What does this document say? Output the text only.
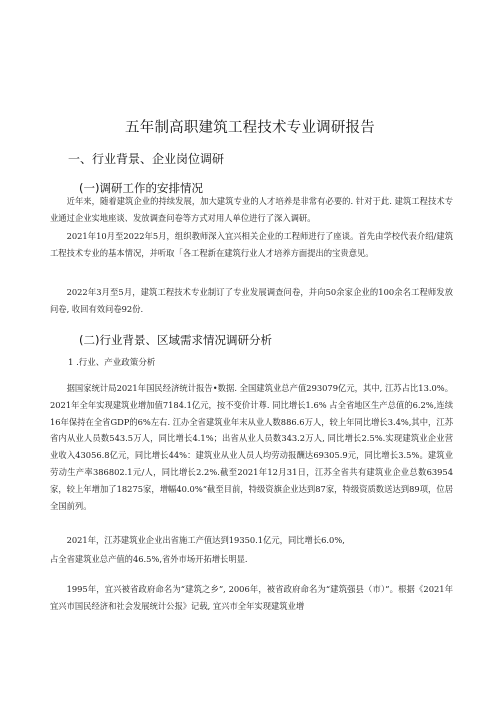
五年制高职建筑工程技术专业调研报告
一、行业背景、企业岗位调研
(一)调研工作的安排情况
近年来，随着建筑企业的持续发展，加大建筑专业的人才培养是非常有必要的. 针对于此. 建筑工程技术专业通过企业实地座谈、发放调查问卷等方式对用人单位进行了深入调研。
2021年10月至2022年5月，组织教师深入宜兴相关企业的工程师进行了座谈。首先由学校代表介绍/建筑工程技术专业的基本情况，并听取「各工程新在建筑行业人才培养方面提出的宝贵意见。
2022年3月至5月，建筑工程技术专业制订了专业发展调查问卷，并向50余家企业的100余名工程师发放问卷, 收回有效问卷92份.
(二)行业背景、区域需求情况调研分析
1 .行业、产业政策分析
据国家统计局2021年国民经济统计报告•数据. 全国建筑业总产值293079亿元，其中, 江苏占比13.0%。2021年全年实现建筑业增加值7184.1亿元，按不变价计尊. 同比增长1.6% 占全省地区生产总值的6.2%,连续16年保持在全省GDP的6%左右. 江办全省建筑业年末从业人数886.6万人，较上年同比增长3.4%,其中，江苏省内从业人员数543.5万人，同比增长4.1%；出省从业人员数343.2万人, 同比增长2.5%.实现建筑业企业营业收入43056.8亿元，同比增长44%：建筑业从业人员人均劳动报酬达69305.9元，同比增长3.5%。建筑业劳动生产率386802.1元/人，同比增长2.2%.截至2021年12月31日，江苏全省共有建筑业企业总数63954家，较上年增加了18275家，增幅40.0%“截至目前，特级资旗企业达到87家，特级资质数送达到89项，位居全国前列。
2021年，江苏建筑业企业出省施工产值达到19350.1亿元，同比增长6.0%,
占全省建筑业总产值的46.5%,省外市场开拓增长明显.
1995年，宜兴被省政府命名为“建筑之乡”, 2006年，被省政府命名为“建筑强县（市）”。根据《2021年宜兴市国民经济和社会发展统计公报》记载, 宜兴市全年实现建筑业增
